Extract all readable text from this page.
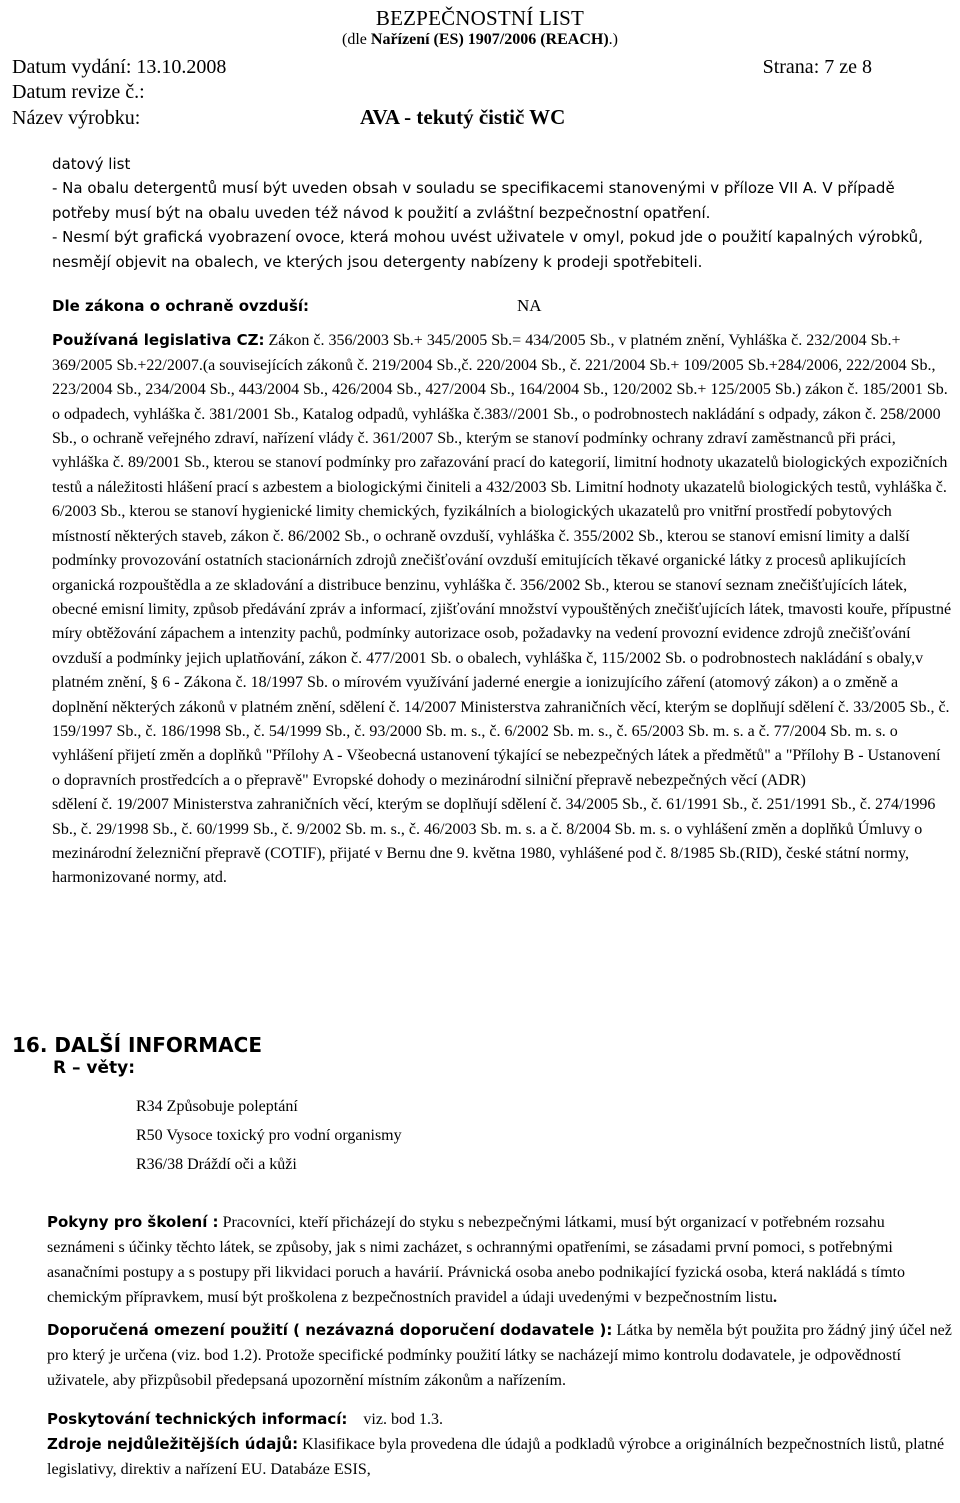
BEZPEČNOSTNÍ LIST
(dle Nařízení (ES) 1907/2006 (REACH).)
Datum vydání: 13.10.2008	Strana: 7 ze 8
Datum revize č.:
Název výrobku:	AVA - tekutý čistič WC

datový list

- Na obalu detergentů musí být uveden obsah v souladu se specifikacemi stanovenými v příloze VII A. V případě potřeby musí být na obalu uveden též návod k použití a zvláštní bezpečnostní opatření.

- Nesmí být grafická vyobrazení ovoce, která mohou uvést uživatele v omyl, pokud jde o použití kapalných výrobků, nesmějí objevit na obalech, ve kterých jsou detergenty nabízeny k prodeji spotřebiteli.

Dle zákona o ochraně ovzduší:	NA

Používaná legislativa CZ: Zákon č. 356/2003 Sb.+ 345/2005 Sb.= 434/2005 Sb., v platném znění, Vyhláška č. 232/2004 Sb.+ 369/2005 Sb.+22/2007.(a souvisejících zákonů č. 219/2004 Sb.,č. 220/2004 Sb., č. 221/2004 Sb.+ 109/2005 Sb.+284/2006, 222/2004 Sb., 223/2004 Sb., 234/2004 Sb., 443/2004 Sb., 426/2004 Sb., 427/2004 Sb., 164/2004 Sb., 120/2002 Sb.+ 125/2005 Sb.) zákon č. 185/2001 Sb. o odpadech, vyhláška č. 381/2001 Sb., Katalog odpadů, vyhláška č.383//2001 Sb., o podrobnostech nakládání s odpady, zákon č. 258/2000 Sb., o ochraně veřejného zdraví, nařízení vlády č. 361/2007 Sb., kterým se stanoví podmínky ochrany zdraví zaměstnanců při práci, vyhláška č. 89/2001 Sb., kterou se stanoví podmínky pro zařazování prací do kategorií, limitní hodnoty ukazatelů biologických expozičních testů a náležitosti hlášení prací s azbestem a biologickými činiteli a 432/2003 Sb. Limitní hodnoty ukazatelů biologických testů, vyhláška č. 6/2003 Sb., kterou se stanoví hygienické limity chemických, fyzikálních a biologických ukazatelů pro vnitřní prostředí pobytových místností některých staveb, zákon č. 86/2002 Sb., o ochraně ovzduší, vyhláška č. 355/2002 Sb., kterou se stanoví emisní limity a další podmínky provozování ostatních stacionárních zdrojů znečišťování ovzduší emitujících těkavé organické látky z procesů aplikujících organická rozpouštědla a ze skladování a distribuce benzinu, vyhláška č. 356/2002 Sb., kterou se stanoví seznam znečišťujících látek, obecné emisní limity, způsob předávání zpráv a informací, zjišťování množství vypouštěných znečišťujících látek, tmavosti kouře, přípustné míry obtěžování zápachem a intenzity pachů, podmínky autorizace osob, požadavky na vedení provozní evidence zdrojů znečišťování ovzduší a podmínky jejich uplatňování, zákon č. 477/2001 Sb. o obalech, vyhláška č, 115/2002 Sb. o podrobnostech nakládání s obaly,v platném znění, § 6 - Zákona č. 18/1997 Sb. o mírovém využívání jaderné energie a ionizujícího záření (atomový zákon) a o změně a doplnění některých zákonů v platném znění, sdělení č. 14/2007 Ministerstva zahraničních věcí, kterým se doplňují sdělení č. 33/2005 Sb., č. 159/1997 Sb., č. 186/1998 Sb., č. 54/1999 Sb., č. 93/2000 Sb. m. s., č. 6/2002 Sb. m. s., č. 65/2003 Sb. m. s. a č. 77/2004 Sb. m. s. o vyhlášení přijetí změn a doplňků "Přílohy A - Všeobecná ustanovení týkající se nebezpečných látek a předmětů" a "Přílohy B - Ustanovení o dopravních prostředcích a o přepravě" Evropské dohody o mezinárodní silniční přepravě nebezpečných věcí (ADR)

sdělení č. 19/2007 Ministerstva zahraničních věcí, kterým se doplňují sdělení č. 34/2005 Sb., č. 61/1991 Sb., č. 251/1991 Sb., č. 274/1996 Sb., č. 29/1998 Sb., č. 60/1999 Sb., č. 9/2002 Sb. m. s., č. 46/2003 Sb. m. s. a č. 8/2004 Sb. m. s. o vyhlášení změn a doplňků Úmluvy o mezinárodní železniční přepravě (COTIF), přijaté v Bernu dne 9. května 1980, vyhlášené pod č. 8/1985 Sb.(RID), české státní normy, harmonizované normy, atd.

16. DALŠÍ INFORMACE
R – věty:
R34 Způsobuje poleptání
R50 Vysoce toxický pro vodní organismy
R36/38 Dráždí oči a kůži

Pokyny pro školení : Pracovníci, kteří přicházejí do styku s nebezpečnými látkami, musí být organizací v potřebném rozsahu seznámeni s účinky těchto látek, se způsoby, jak s nimi zacházet, s ochrannými opatřeními, se zásadami první pomoci, s potřebnými asanačními postupy a s postupy při likvidaci poruch a havárií. Právnická osoba anebo podnikající fyzická osoba, která nakládá s tímto chemickým přípravkem, musí být proškolena z bezpečnostních pravidel a údaji uvedenými v bezpečnostním listu.

Doporučená omezení použití ( nezávazná doporučení dodavatele ): Látka by neměla být použita pro žádný jiný účel než pro který je určena (viz. bod 1.2). Protože specifické podmínky použití látky se nacházejí mimo kontrolu dodavatele, je odpovědností uživatele, aby přizpůsobil předepsaná upozornění místním zákonům a nařízením.

Poskytování technických informací: viz. bod 1.3.

Zdroje nejdůležitějších údajů: Klasifikace byla provedena dle údajů a podkladů výrobce a originálních bezpečnostních listů, platné legislativy, direktiv a nařízení EU. Databáze ESIS,
